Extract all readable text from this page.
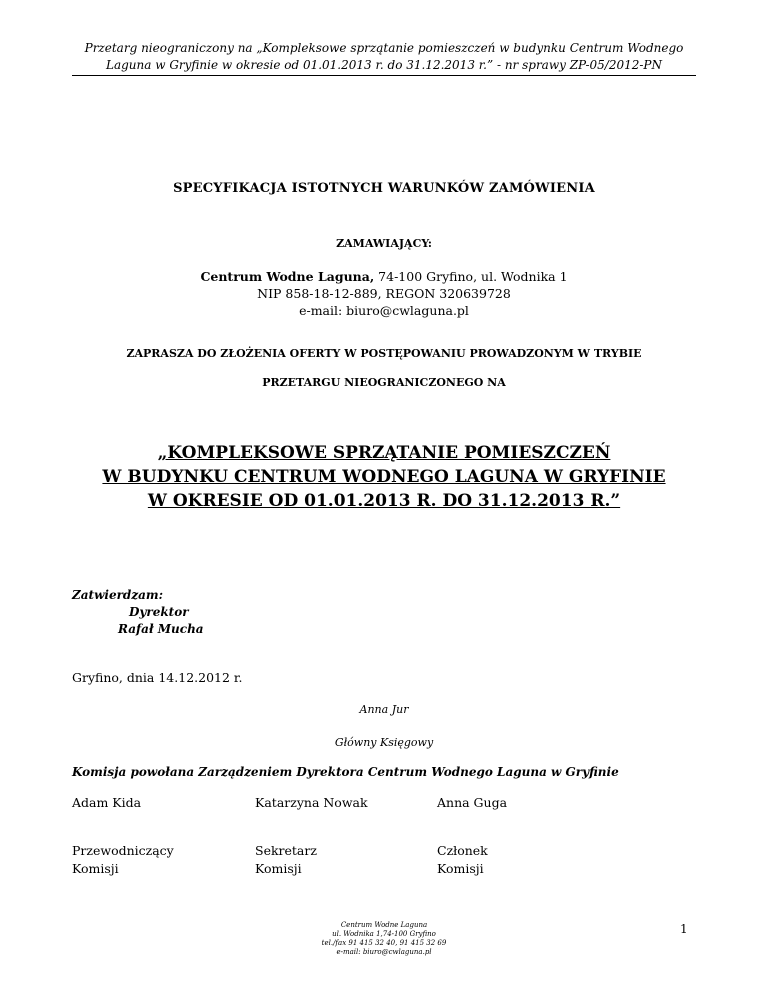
Przetarg nieograniczony na „Kompleksowe sprzątanie pomieszczeń w budynku Centrum Wodnego
Laguna w Gryfinie w okresie od 01.01.2013 r. do 31.12.2013 r.” - nr sprawy ZP-05/2012-PN
SPECYFIKACJA ISTOTNYCH WARUNKÓW ZAMÓWIENIA
ZAMAWIAJĄCY:
Centrum Wodne Laguna, 74-100 Gryfino, ul. Wodnika 1
NIP 858-18-12-889, REGON 320639728
e-mail: biuro@cwlaguna.pl
ZAPRASZA DO ZŁOŻENIA OFERTY W POSTĘPOWANIU PROWADZONYM W TRYBIE
PRZETARGU NIEOGRANICZONEGO NA
„KOMPLEKSOWE SPRZĄTANIE POMIESZCZEŃ
W BUDYNKU CENTRUM WODNEGO LAGUNA W GRYFINIE
W OKRESIE OD 01.01.2013 R. DO 31.12.2013 R.”
Zatwierdzam:
Dyrektor
Rafał Mucha
Gryfino, dnia 14.12.2012 r.
Anna Jur
Główny Księgowy
Komisja powołana Zarządzeniem Dyrektora Centrum Wodnego Laguna w Gryfinie
Adam Kida	Katarzyna Nowak	Anna Guga
Przewodniczący
Komisji
Sekretarz
Komisji
Członek
Komisji
Centrum Wodne Laguna
ul. Wodnika 1,74-100 Gryfino
tel./fax 91 415 32 40, 91 415 32 69
e-mail: biuro@cwlaguna.pl
1
